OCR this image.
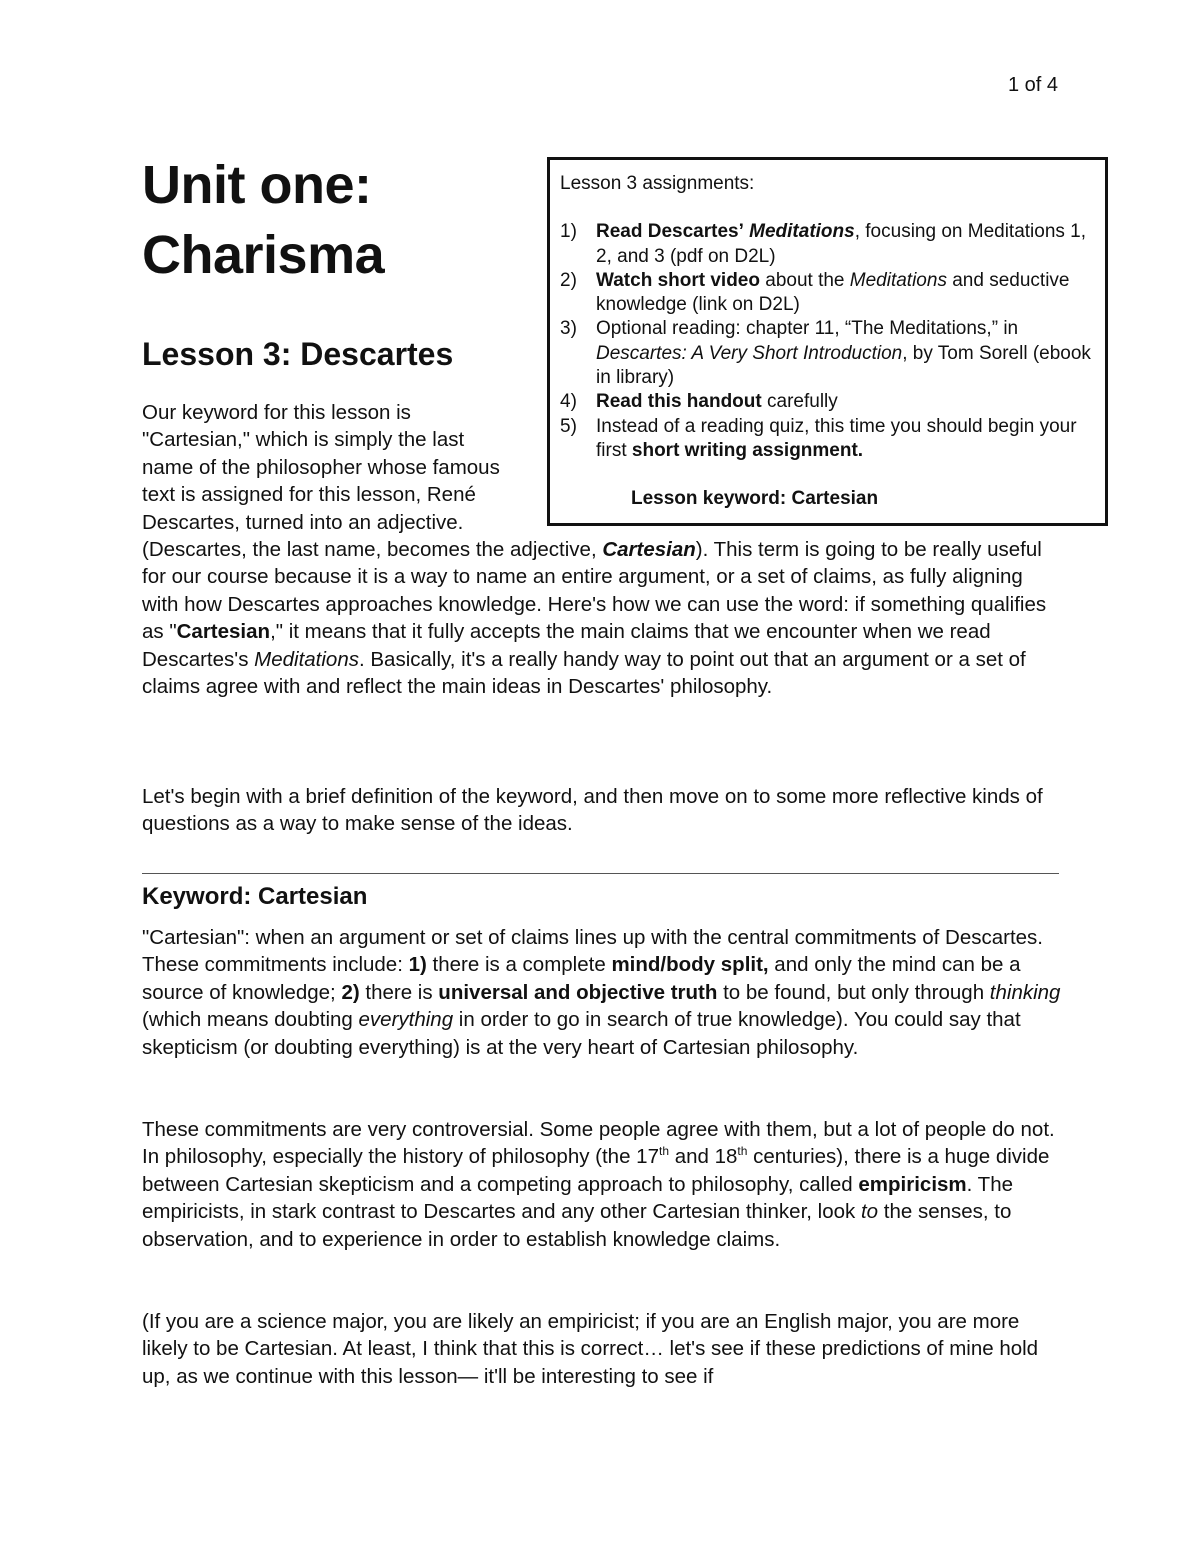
1 of 4
Unit one:
Charisma
Lesson 3: Descartes

Lesson 3 assignments:

1) Read Descartes’ Meditations, focusing on Meditations 1, 2, and 3 (pdf on D2L)
2) Watch short video about the Meditations and seductive knowledge (link on D2L)
3) Optional reading: chapter 11, “The Meditations,” in Descartes: A Very Short Introduction, by Tom Sorell (ebook in library)
4) Read this handout carefully
5) Instead of a reading quiz, this time you should begin your first short writing assignment.

Lesson keyword: Cartesian

Our keyword for this lesson is "Cartesian," which is simply the last name of the philosopher whose famous text is assigned for this lesson, René Descartes, turned into an adjective. (Descartes, the last name, becomes the adjective, Cartesian). This term is going to be really useful for our course because it is a way to name an entire argument, or a set of claims, as fully aligning with how Descartes approaches knowledge. Here's how we can use the word: if something qualifies as "Cartesian," it means that it fully accepts the main claims that we encounter when we read Descartes's Meditations. Basically, it's a really handy way to point out that an argument or a set of claims agree with and reflect the main ideas in Descartes' philosophy.

Let's begin with a brief definition of the keyword, and then move on to some more reflective kinds of questions as a way to make sense of the ideas.

Keyword: Cartesian

"Cartesian": when an argument or set of claims lines up with the central commitments of Descartes. These commitments include: 1) there is a complete mind/body split, and only the mind can be a source of knowledge; 2) there is universal and objective truth to be found, but only through thinking (which means doubting everything in order to go in search of true knowledge). You could say that skepticism (or doubting everything) is at the very heart of Cartesian philosophy.

These commitments are very controversial. Some people agree with them, but a lot of people do not. In philosophy, especially the history of philosophy (the 17th and 18th centuries), there is a huge divide between Cartesian skepticism and a competing approach to philosophy, called empiricism. The empiricists, in stark contrast to Descartes and any other Cartesian thinker, look to the senses, to observation, and to experience in order to establish knowledge claims.

(If you are a science major, you are likely an empiricist; if you are an English major, you are more likely to be Cartesian. At least, I think that this is correct… let's see if these predictions of mine hold up, as we continue with this lesson— it'll be interesting to see if
